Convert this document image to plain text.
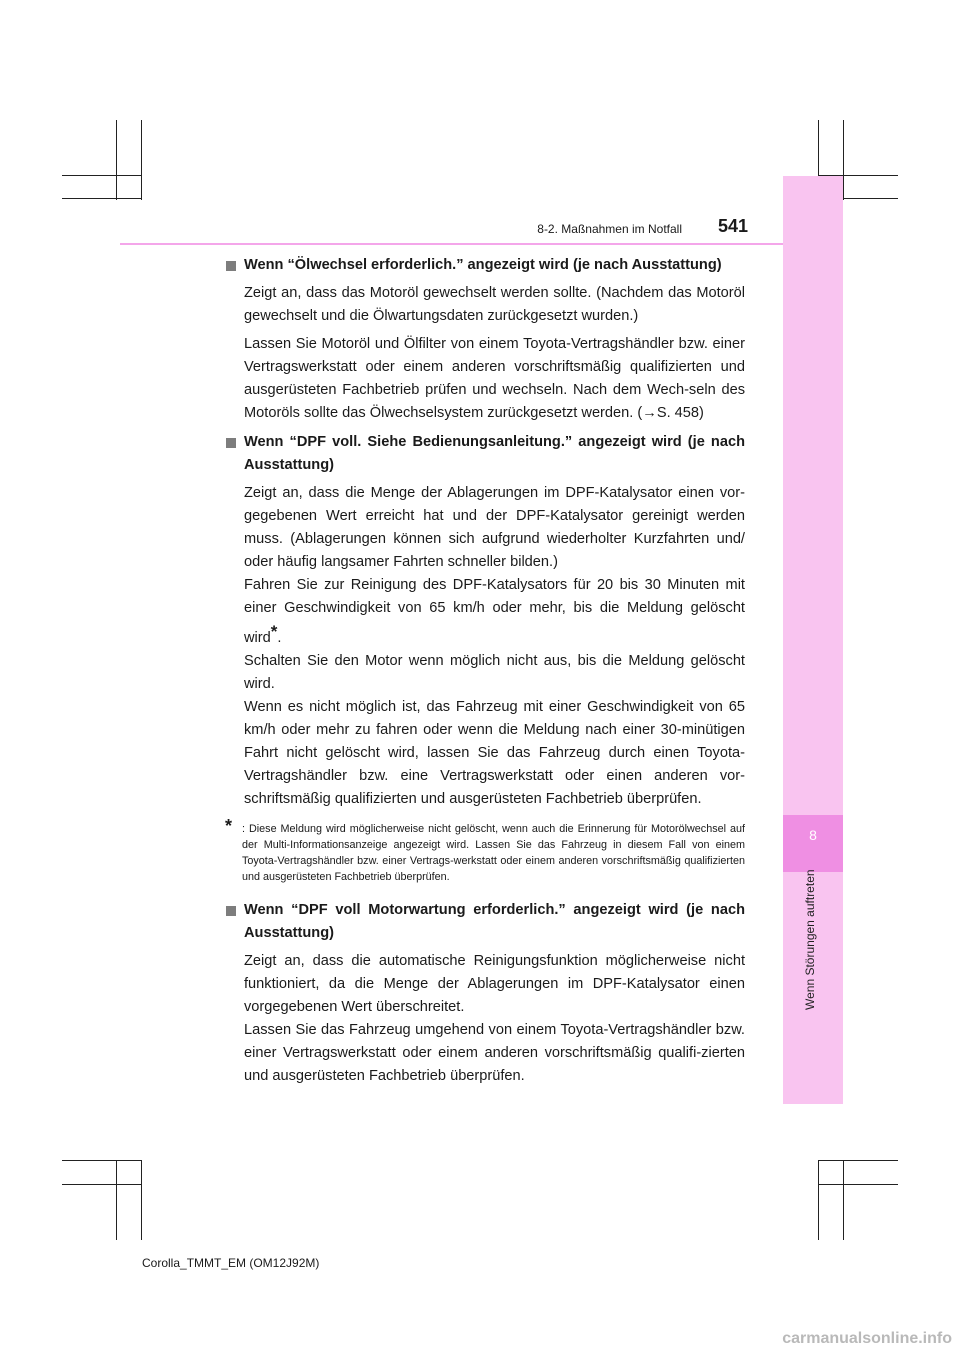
8
Wenn Störungen auftreten
8-2. Maßnahmen im Notfall 541
Wenn “Ölwechsel erforderlich.” angezeigt wird (je nach Ausstattung)
Zeigt an, dass das Motoröl gewechselt werden sollte. (Nachdem das Motoröl gewechselt und die Ölwartungsdaten zurückgesetzt wurden.)
Lassen Sie Motoröl und Ölfilter von einem Toyota-Vertragshändler bzw. einer Vertragswerkstatt oder einem anderen vorschriftsmäßig qualifizierten und ausgerüsteten Fachbetrieb prüfen und wechseln. Nach dem Wech-seln des Motoröls sollte das Ölwechselsystem zurückgesetzt werden. (→S. 458)
Wenn “DPF voll. Siehe Bedienungsanleitung.” angezeigt wird (je nach Ausstattung)
Zeigt an, dass die Menge der Ablagerungen im DPF-Katalysator einen vor-gegebenen Wert erreicht hat und der DPF-Katalysator gereinigt werden muss. (Ablagerungen können sich aufgrund wiederholter Kurzfahrten und/ oder häufig langsamer Fahrten schneller bilden.)
Fahren Sie zur Reinigung des DPF-Katalysators für 20 bis 30 Minuten mit einer Geschwindigkeit von 65 km/h oder mehr, bis die Meldung gelöscht wird*.
Schalten Sie den Motor wenn möglich nicht aus, bis die Meldung gelöscht wird.
Wenn es nicht möglich ist, das Fahrzeug mit einer Geschwindigkeit von 65 km/h oder mehr zu fahren oder wenn die Meldung nach einer 30-minütigen Fahrt nicht gelöscht wird, lassen Sie das Fahrzeug durch einen Toyota-Vertragshändler bzw. eine Vertragswerkstatt oder einen anderen vor-schriftsmäßig qualifizierten und ausgerüsteten Fachbetrieb überprüfen.
* : Diese Meldung wird möglicherweise nicht gelöscht, wenn auch die Erinnerung für Motorölwechsel auf der Multi-Informationsanzeige angezeigt wird. Lassen Sie das Fahrzeug in diesem Fall von einem Toyota-Vertragshändler bzw. einer Vertrags-werkstatt oder einem anderen vorschriftsmäßig qualifizierten und ausgerüsteten Fachbetrieb überprüfen.
Wenn “DPF voll Motorwartung erforderlich.” angezeigt wird (je nach Ausstattung)
Zeigt an, dass die automatische Reinigungsfunktion möglicherweise nicht funktioniert, da die Menge der Ablagerungen im DPF-Katalysator einen vorgegebenen Wert überschreitet.
Lassen Sie das Fahrzeug umgehend von einem Toyota-Vertragshändler bzw. einer Vertragswerkstatt oder einem anderen vorschriftsmäßig qualifi-zierten und ausgerüsteten Fachbetrieb überprüfen.
Corolla_TMMT_EM (OM12J92M)
carmanualsonline.info
